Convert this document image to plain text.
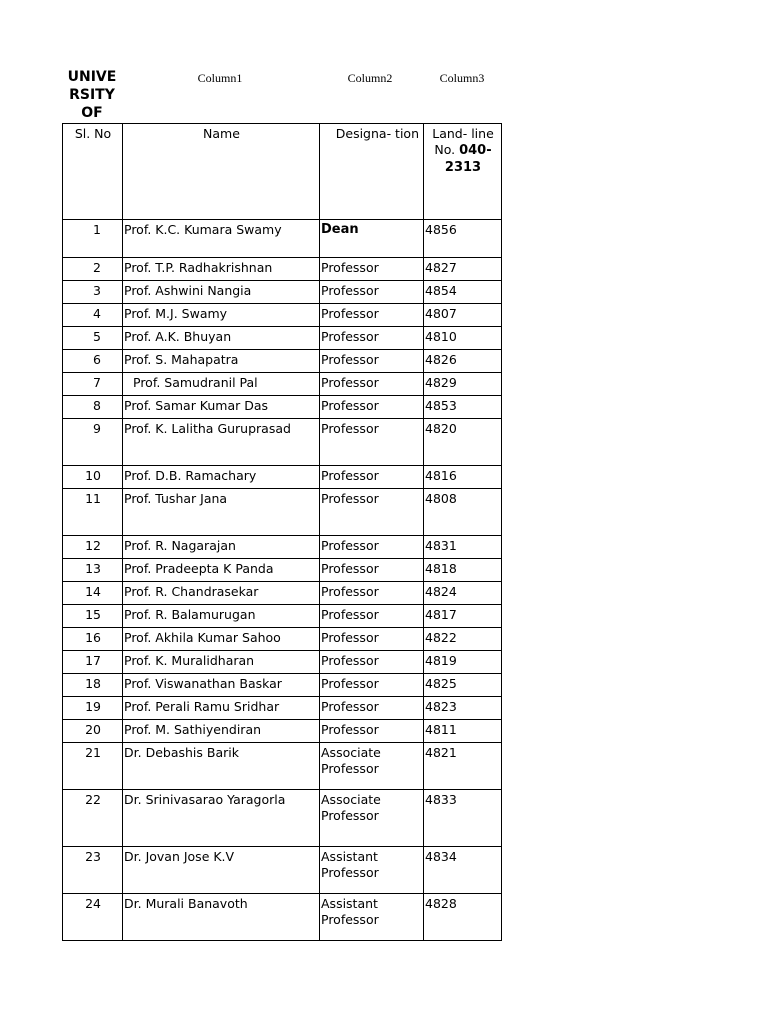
UNIVE RSITY OF
Column1	Column2	Column3
Sl. No	Name	Designa- tion	Land- line
No. 040-
2313
1	Prof. K.C. Kumara Swamy	Dean	4856
2	Prof. T.P. Radhakrishnan	Professor	4827
3	Prof. Ashwini Nangia	Professor	4854
4	Prof. M.J. Swamy	Professor	4807
5	Prof. A.K. Bhuyan	Professor	4810
6	Prof. S. Mahapatra	Professor	4826
7	Prof. Samudranil Pal	Professor	4829
8	Prof. Samar Kumar Das	Professor	4853
9	Prof. K. Lalitha Guruprasad	Professor	4820
10	Prof. D.B. Ramachary	Professor	4816
11	Prof. Tushar Jana	Professor	4808
12	Prof. R. Nagarajan	Professor	4831
13	Prof. Pradeepta K Panda	Professor	4818
14	Prof. R. Chandrasekar	Professor	4824
15	Prof. R. Balamurugan	Professor	4817
16	Prof. Akhila Kumar Sahoo	Professor	4822
17	Prof. K. Muralidharan	Professor	4819
18	Prof. Viswanathan Baskar	Professor	4825
19	Prof. Perali Ramu Sridhar	Professor	4823
20	Prof. M. Sathiyendiran	Professor	4811
21	Dr. Debashis Barik	Associate Professor	4821
22	Dr. Srinivasarao Yaragorla	Associate Professor	4833
23	Dr. Jovan Jose K.V	Assistant Professor	4834
24	Dr. Murali Banavoth	Assistant Professor	4828
